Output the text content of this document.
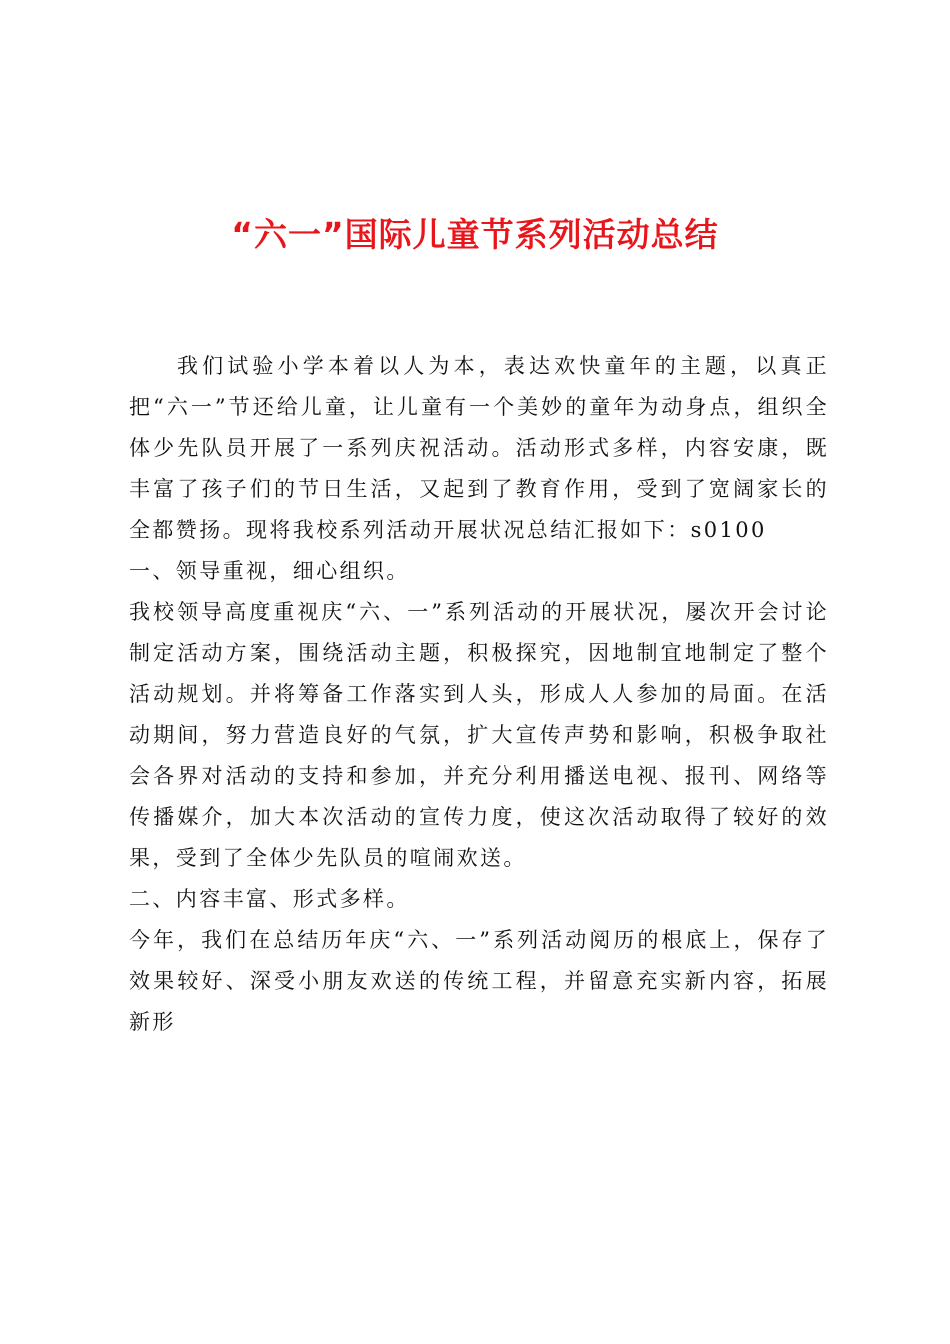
“六一”国际儿童节系列活动总结

我们试验小学本着以人为本，表达欢快童年的主题，以真正把“六一”节还给儿童，让儿童有一个美妙的童年为动身点，组织全体少先队员开展了一系列庆祝活动。活动形式多样，内容安康，既丰富了孩子们的节日生活，又起到了教育作用，受到了宽阔家长的全都赞扬。现将我校系列活动开展状况总结汇报如下：s0100

一、领导重视，细心组织。

我校领导高度重视庆“六、一”系列活动的开展状况，屡次开会讨论制定活动方案，围绕活动主题，积极探究，因地制宜地制定了整个活动规划。并将筹备工作落实到人头，形成人人参加的局面。在活动期间，努力营造良好的气氛，扩大宣传声势和影响，积极争取社会各界对活动的支持和参加，并充分利用播送电视、报刊、网络等传播媒介，加大本次活动的宣传力度，使这次活动取得了较好的效果，受到了全体少先队员的喧闹欢送。

二、内容丰富、形式多样。

今年，我们在总结历年庆“六、一”系列活动阅历的根底上，保存了效果较好、深受小朋友欢送的传统工程，并留意充实新内容，拓展新形
